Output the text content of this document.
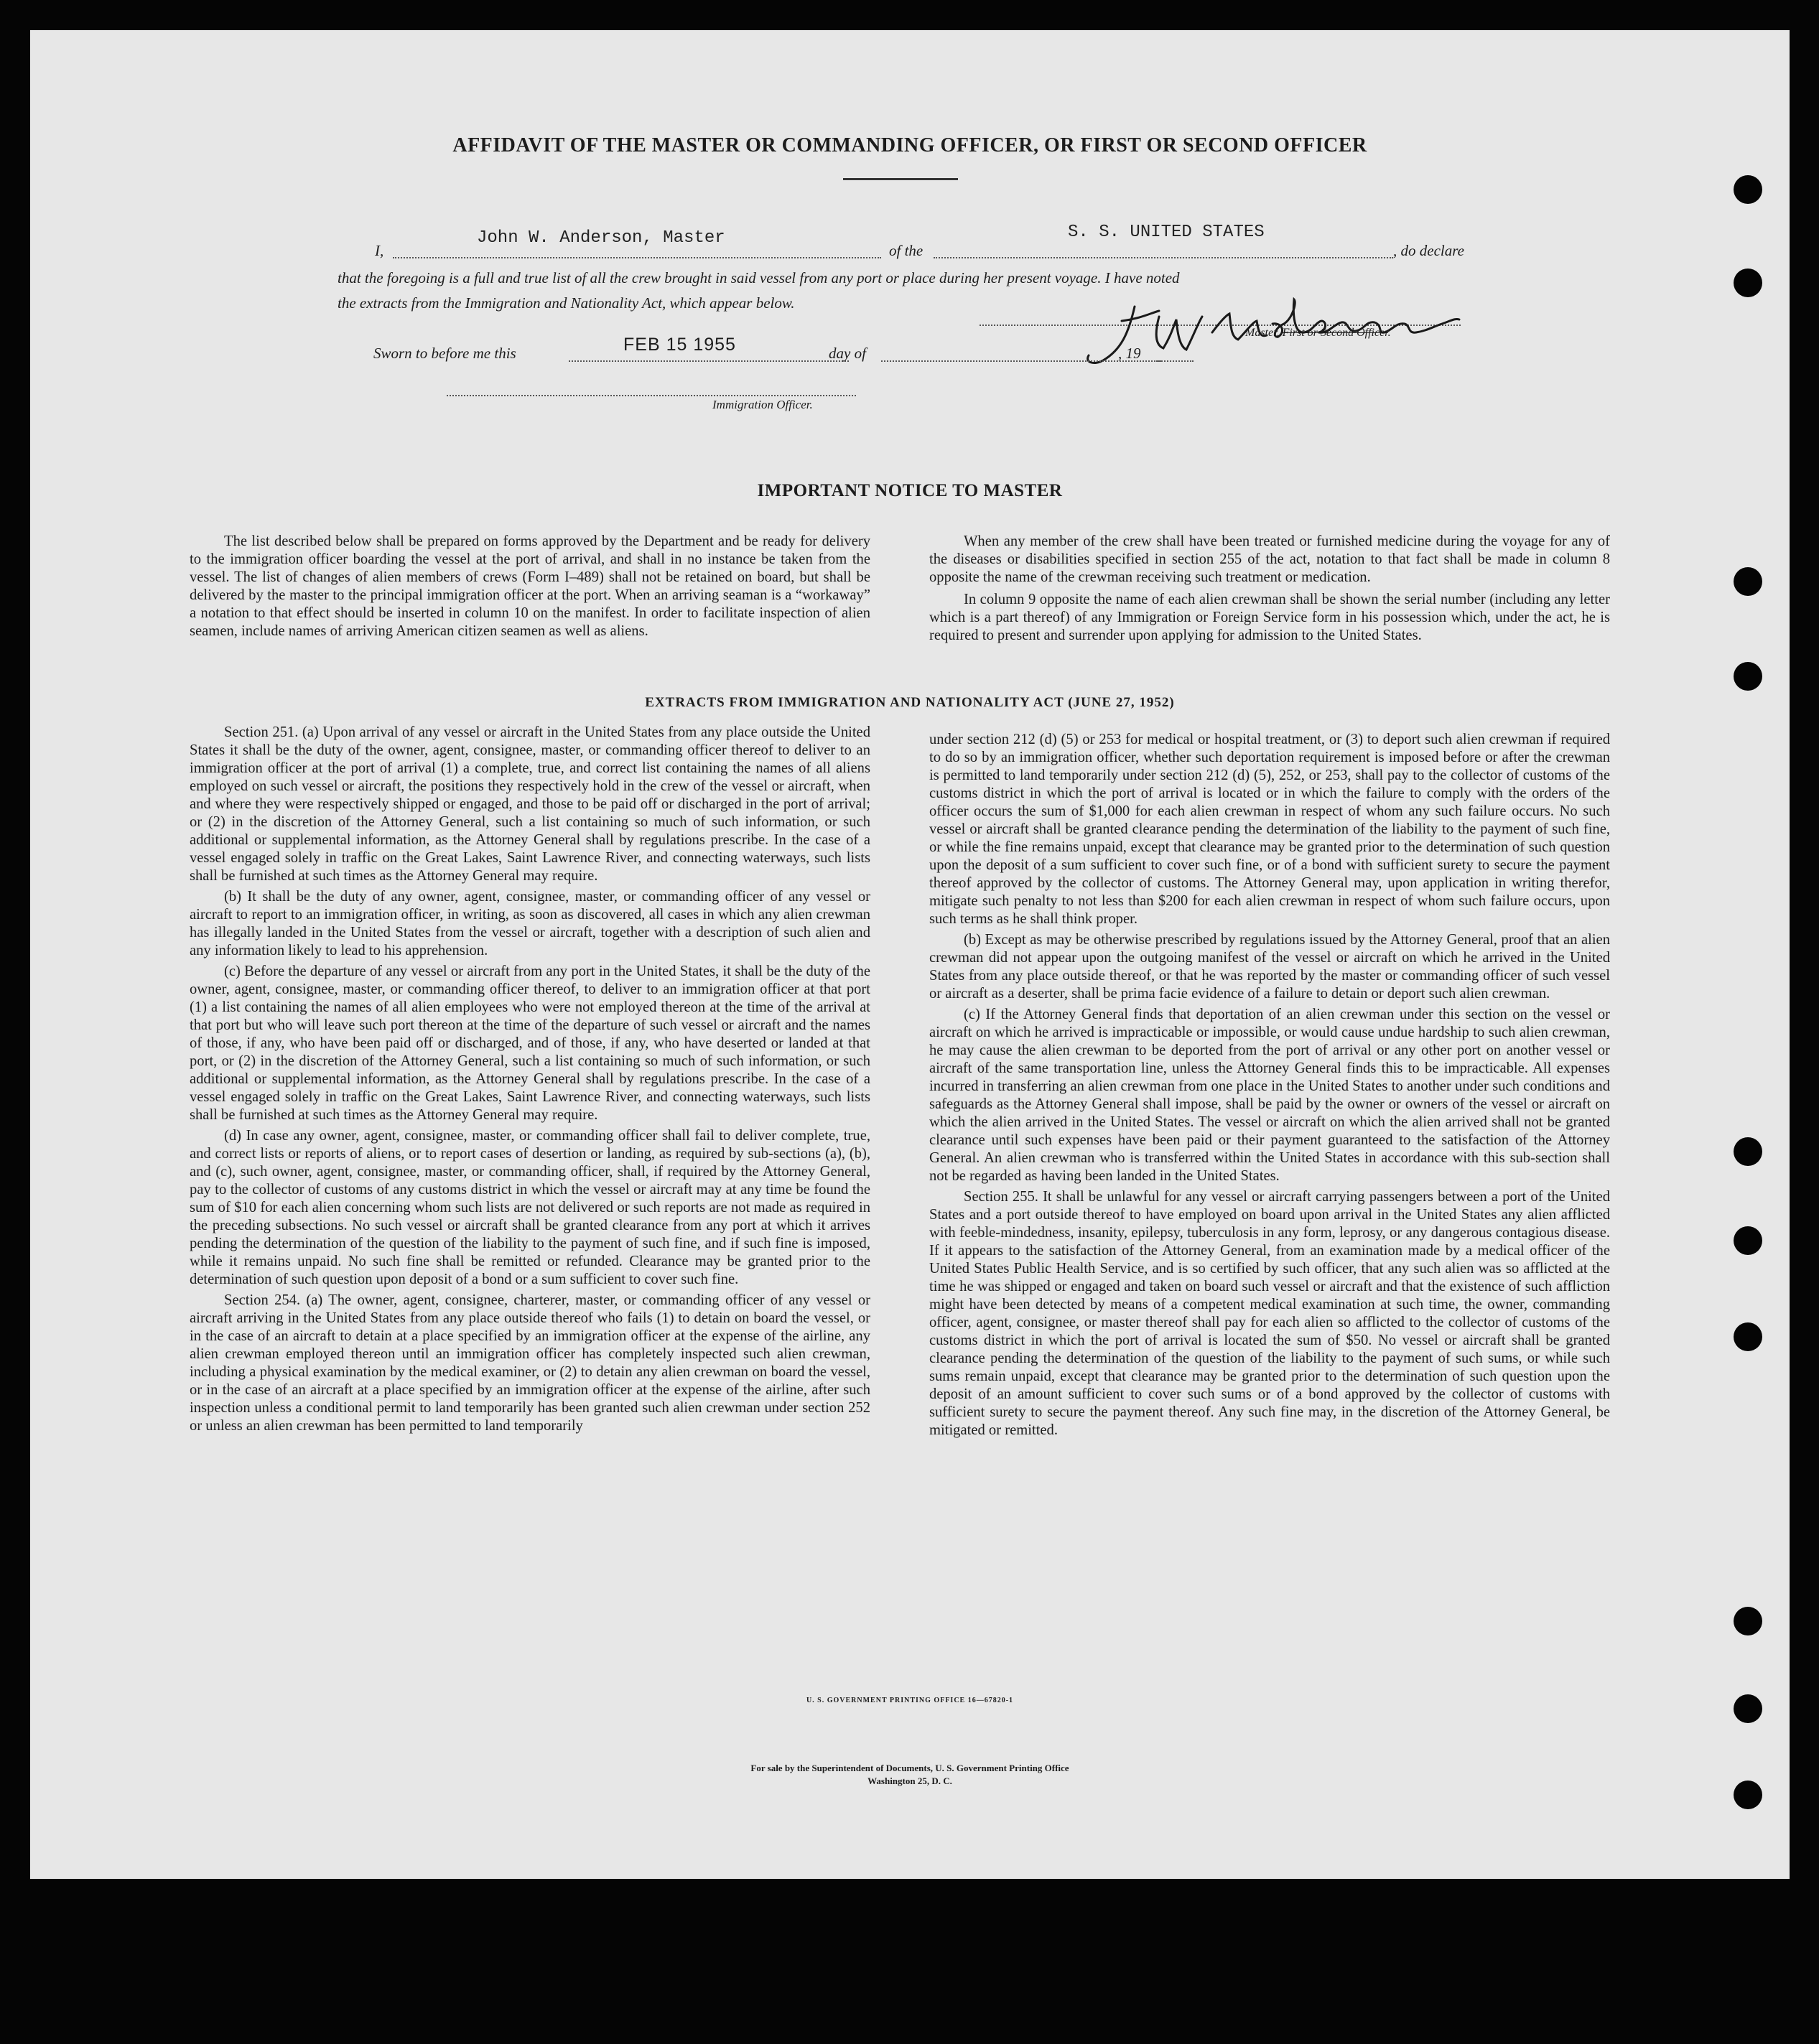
AFFIDAVIT OF THE MASTER OR COMMANDING OFFICER, OR FIRST OR SECOND OFFICER
I,
John W. Anderson, Master
of the
S. S. UNITED STATES
, do declare
that the foregoing is a full and true list of all the crew brought in said vessel from any port or place during her present voyage. I have noted
the extracts from the Immigration and Nationality Act, which appear below.
Master, First or Second Officer.
Sworn to before me this	FEB 15 1955	day of	, 19
Immigration Officer.
IMPORTANT NOTICE TO MASTER

The list described below shall be prepared on forms approved by the Department and be ready for delivery to the immigration officer boarding the vessel at the port of arrival, and shall in no instance be taken from the vessel. The list of changes of alien members of crews (Form I–489) shall not be retained on board, but shall be delivered by the master to the principal immigration officer at the port. When an arriving seaman is a “workaway” a notation to that effect should be inserted in column 10 on the manifest. In order to facilitate inspection of alien seamen, include names of arriving American citizen seamen as well as aliens.

When any member of the crew shall have been treated or furnished medicine during the voyage for any of the diseases or disabilities specified in section 255 of the act, notation to that fact shall be made in column 8 opposite the name of the crewman receiving such treatment or medication.

In column 9 opposite the name of each alien crewman shall be shown the serial number (including any letter which is a part thereof) of any Immigration or Foreign Service form in his possession which, under the act, he is required to present and surrender upon applying for admission to the United States.

EXTRACTS FROM IMMIGRATION AND NATIONALITY ACT (JUNE 27, 1952)

Section 251. (a) Upon arrival of any vessel or aircraft in the United States from any place outside the United States it shall be the duty of the owner, agent, consignee, master, or commanding officer thereof to deliver to an immigration officer at the port of arrival (1) a complete, true, and correct list containing the names of all aliens employed on such vessel or aircraft, the positions they respectively hold in the crew of the vessel or aircraft, when and where they were respectively shipped or engaged, and those to be paid off or discharged in the port of arrival; or (2) in the discretion of the Attorney General, such a list containing so much of such information, or such additional or supplemental information, as the Attorney General shall by regulations prescribe. In the case of a vessel engaged solely in traffic on the Great Lakes, Saint Lawrence River, and connecting waterways, such lists shall be furnished at such times as the Attorney General may require.

(b) It shall be the duty of any owner, agent, consignee, master, or commanding officer of any vessel or aircraft to report to an immigration officer, in writing, as soon as discovered, all cases in which any alien crewman has illegally landed in the United States from the vessel or aircraft, together with a description of such alien and any information likely to lead to his apprehension.

(c) Before the departure of any vessel or aircraft from any port in the United States, it shall be the duty of the owner, agent, consignee, master, or commanding officer thereof, to deliver to an immigration officer at that port (1) a list containing the names of all alien employees who were not employed thereon at the time of the arrival at that port but who will leave such port thereon at the time of the departure of such vessel or aircraft and the names of those, if any, who have been paid off or discharged, and of those, if any, who have deserted or landed at that port, or (2) in the discretion of the Attorney General, such a list containing so much of such information, or such additional or supplemental information, as the Attorney General shall by regulations prescribe. In the case of a vessel engaged solely in traffic on the Great Lakes, Saint Lawrence River, and connecting waterways, such lists shall be furnished at such times as the Attorney General may require.

(d) In case any owner, agent, consignee, master, or commanding officer shall fail to deliver complete, true, and correct lists or reports of aliens, or to report cases of desertion or landing, as required by sub-sections (a), (b), and (c), such owner, agent, consignee, master, or commanding officer, shall, if required by the Attorney General, pay to the collector of customs of any customs district in which the vessel or aircraft may at any time be found the sum of $10 for each alien concerning whom such lists are not delivered or such reports are not made as required in the preceding subsections. No such vessel or aircraft shall be granted clearance from any port at which it arrives pending the determination of the question of the liability to the payment of such fine, and if such fine is imposed, while it remains unpaid. No such fine shall be remitted or refunded. Clearance may be granted prior to the determination of such question upon deposit of a bond or a sum sufficient to cover such fine.

Section 254. (a) The owner, agent, consignee, charterer, master, or commanding officer of any vessel or aircraft arriving in the United States from any place outside thereof who fails (1) to detain on board the vessel, or in the case of an aircraft to detain at a place specified by an immigration officer at the expense of the airline, any alien crewman employed thereon until an immigration officer has completely inspected such alien crewman, including a physical examination by the medical examiner, or (2) to detain any alien crewman on board the vessel, or in the case of an aircraft at a place specified by an immigration officer at the expense of the airline, after such inspection unless a conditional permit to land temporarily has been granted such alien crewman under section 252 or unless an alien crewman has been permitted to land temporarily

under section 212 (d) (5) or 253 for medical or hospital treatment, or (3) to deport such alien crewman if required to do so by an immigration officer, whether such deportation requirement is imposed before or after the crewman is permitted to land temporarily under section 212 (d) (5), 252, or 253, shall pay to the collector of customs of the customs district in which the port of arrival is located or in which the failure to comply with the orders of the officer occurs the sum of $1,000 for each alien crewman in respect of whom any such failure occurs. No such vessel or aircraft shall be granted clearance pending the determination of the liability to the payment of such fine, or while the fine remains unpaid, except that clearance may be granted prior to the determination of such question upon the deposit of a sum sufficient to cover such fine, or of a bond with sufficient surety to secure the payment thereof approved by the collector of customs. The Attorney General may, upon application in writing therefor, mitigate such penalty to not less than $200 for each alien crewman in respect of whom such failure occurs, upon such terms as he shall think proper.

(b) Except as may be otherwise prescribed by regulations issued by the Attorney General, proof that an alien crewman did not appear upon the outgoing manifest of the vessel or aircraft on which he arrived in the United States from any place outside thereof, or that he was reported by the master or commanding officer of such vessel or aircraft as a deserter, shall be prima facie evidence of a failure to detain or deport such alien crewman.

(c) If the Attorney General finds that deportation of an alien crewman under this section on the vessel or aircraft on which he arrived is impracticable or impossible, or would cause undue hardship to such alien crewman, he may cause the alien crewman to be deported from the port of arrival or any other port on another vessel or aircraft of the same transportation line, unless the Attorney General finds this to be impracticable. All expenses incurred in transferring an alien crewman from one place in the United States to another under such conditions and safeguards as the Attorney General shall impose, shall be paid by the owner or owners of the vessel or aircraft on which the alien arrived in the United States. The vessel or aircraft on which the alien arrived shall not be granted clearance until such expenses have been paid or their payment guaranteed to the satisfaction of the Attorney General. An alien crewman who is transferred within the United States in accordance with this sub-section shall not be regarded as having been landed in the United States.

Section 255. It shall be unlawful for any vessel or aircraft carrying passengers between a port of the United States and a port outside thereof to have employed on board upon arrival in the United States any alien afflicted with feeble-mindedness, insanity, epilepsy, tuberculosis in any form, leprosy, or any dangerous contagious disease. If it appears to the satisfaction of the Attorney General, from an examination made by a medical officer of the United States Public Health Service, and is so certified by such officer, that any such alien was so afflicted at the time he was shipped or engaged and taken on board such vessel or aircraft and that the existence of such affliction might have been detected by means of a competent medical examination at such time, the owner, commanding officer, agent, consignee, or master thereof shall pay for each alien so afflicted to the collector of customs of the customs district in which the port of arrival is located the sum of $50. No vessel or aircraft shall be granted clearance pending the determination of the question of the liability to the payment of such sums, or while such sums remain unpaid, except that clearance may be granted prior to the determination of such question upon the deposit of an amount sufficient to cover such sums or of a bond approved by the collector of customs with sufficient surety to secure the payment thereof. Any such fine may, in the discretion of the Attorney General, be mitigated or remitted.

U. S. GOVERNMENT PRINTING OFFICE 16—67820-1
For sale by the Superintendent of Documents, U. S. Government Printing Office
Washington 25, D. C.
